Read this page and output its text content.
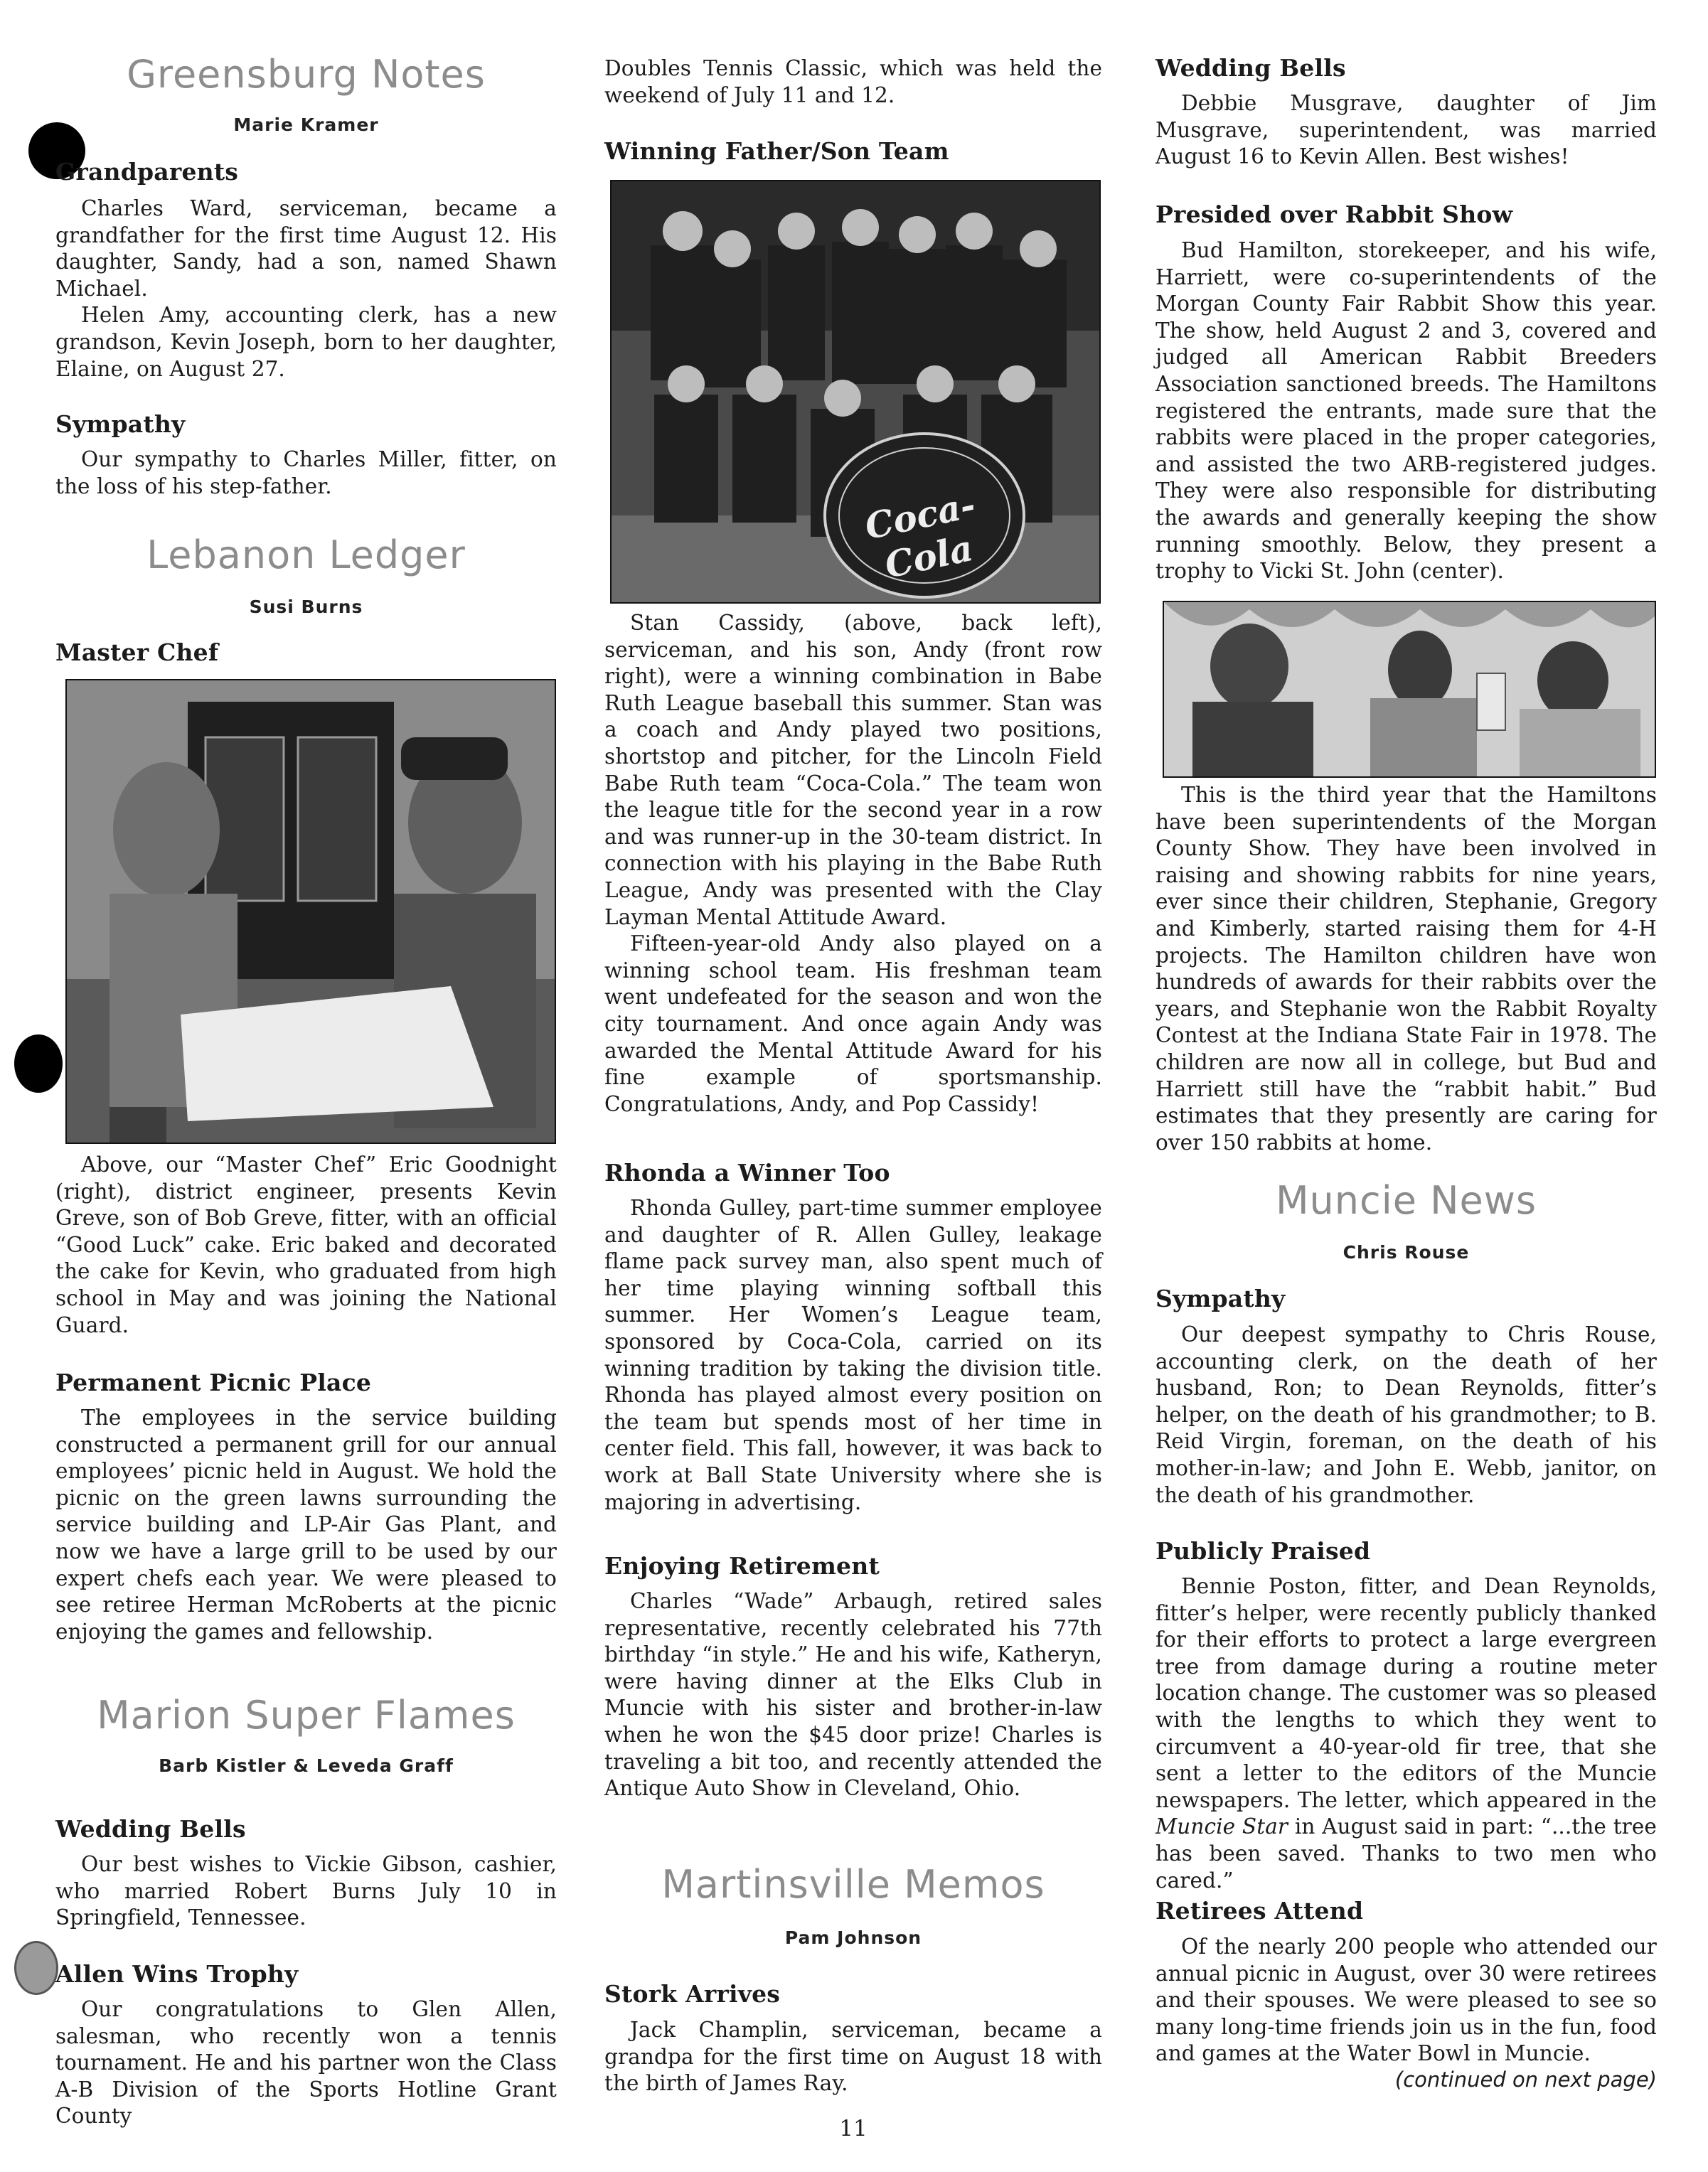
Greensburg Notes

Marie Kramer

Grandparents

Charles Ward, serviceman, became a grandfather for the first time August 12. His daughter, Sandy, had a son, named Shawn Michael.

Helen Amy, accounting clerk, has a new grandson, Kevin Joseph, born to her daughter, Elaine, on August 27.

Sympathy

Our sympathy to Charles Miller, fitter, on the loss of his step-father.

Lebanon Ledger

Susi Burns

Master Chef

Above, our “Master Chef” Eric Goodnight (right), district engineer, presents Kevin Greve, son of Bob Greve, fitter, with an official “Good Luck” cake. Eric baked and decorated the cake for Kevin, who graduated from high school in May and was joining the National Guard.

Permanent Picnic Place

The employees in the service building constructed a permanent grill for our annual employees’ picnic held in August. We hold the picnic on the green lawns surrounding the service building and LP-Air Gas Plant, and now we have a large grill to be used by our expert chefs each year. We were pleased to see retiree Herman McRoberts at the picnic enjoying the games and fellowship.

Marion Super Flames

Barb Kistler & Leveda Graff

Wedding Bells

Our best wishes to Vickie Gibson, cashier, who married Robert Burns July 10 in Springfield, Tennessee.

Allen Wins Trophy

Our congratulations to Glen Allen, salesman, who recently won a tennis tournament. He and his partner won the Class A-B Division of the Sports Hotline Grant County

Doubles Tennis Classic, which was held the weekend of July 11 and 12.

Winning Father/Son Team
Coca-Cola

Stan Cassidy, (above, back left), serviceman, and his son, Andy (front row right), were a winning combination in Babe Ruth League baseball this summer. Stan was a coach and Andy played two positions, shortstop and pitcher, for the Lincoln Field Babe Ruth team “Coca-Cola.” The team won the league title for the second year in a row and was runner-up in the 30-team district. In connection with his playing in the Babe Ruth League, Andy was presented with the Clay Layman Mental Attitude Award.

Fifteen-year-old Andy also played on a winning school team. His freshman team went undefeated for the season and won the city tournament. And once again Andy was awarded the Mental Attitude Award for his fine example of sportsmanship. Congratulations, Andy, and Pop Cassidy!

Rhonda a Winner Too

Rhonda Gulley, part-time summer employee and daughter of R. Allen Gulley, leakage flame pack survey man, also spent much of her time playing winning softball this summer. Her Women’s League team, sponsored by Coca-Cola, carried on its winning tradition by taking the division title. Rhonda has played almost every position on the team but spends most of her time in center field. This fall, however, it was back to work at Ball State University where she is majoring in advertising.

Enjoying Retirement

Charles “Wade” Arbaugh, retired sales representative, recently celebrated his 77th birthday “in style.” He and his wife, Katheryn, were having dinner at the Elks Club in Muncie with his sister and brother-in-law when he won the $45 door prize! Charles is traveling a bit too, and recently attended the Antique Auto Show in Cleveland, Ohio.

Martinsville Memos

Pam Johnson

Stork Arrives

Jack Champlin, serviceman, became a grandpa for the first time on August 18 with the birth of James Ray.

Wedding Bells

Debbie Musgrave, daughter of Jim Musgrave, superintendent, was married August 16 to Kevin Allen. Best wishes!

Presided over Rabbit Show

Bud Hamilton, storekeeper, and his wife, Harriett, were co-superintendents of the Morgan County Fair Rabbit Show this year. The show, held August 2 and 3, covered and judged all American Rabbit Breeders Association sanctioned breeds. The Hamiltons registered the entrants, made sure that the rabbits were placed in the proper categories, and assisted the two ARB-registered judges. They were also responsible for distributing the awards and generally keeping the show running smoothly. Below, they present a trophy to Vicki St. John (center).

This is the third year that the Hamiltons have been superintendents of the Morgan County Show. They have been involved in raising and showing rabbits for nine years, ever since their children, Stephanie, Gregory and Kimberly, started raising them for 4-H projects. The Hamilton children have won hundreds of awards for their rabbits over the years, and Stephanie won the Rabbit Royalty Contest at the Indiana State Fair in 1978. The children are now all in college, but Bud and Harriett still have the “rabbit habit.” Bud estimates that they presently are caring for over 150 rabbits at home.

Muncie News

Chris Rouse

Sympathy

Our deepest sympathy to Chris Rouse, accounting clerk, on the death of her husband, Ron; to Dean Reynolds, fitter’s helper, on the death of his grandmother; to B. Reid Virgin, foreman, on the death of his mother-in-law; and John E. Webb, janitor, on the death of his grandmother.

Publicly Praised

Bennie Poston, fitter, and Dean Reynolds, fitter’s helper, were recently publicly thanked for their efforts to protect a large evergreen tree from damage during a routine meter location change. The customer was so pleased with the lengths to which they went to circumvent a 40-year-old fir tree, that she sent a letter to the editors of the Muncie newspapers. The letter, which appeared in the Muncie Star in August said in part: “...the tree has been saved. Thanks to two men who cared.”

Retirees Attend

Of the nearly 200 people who attended our annual picnic in August, over 30 were retirees and their spouses. We were pleased to see so many long-time friends join us in the fun, food and games at the Water Bowl in Muncie.

(continued on next page)

11
